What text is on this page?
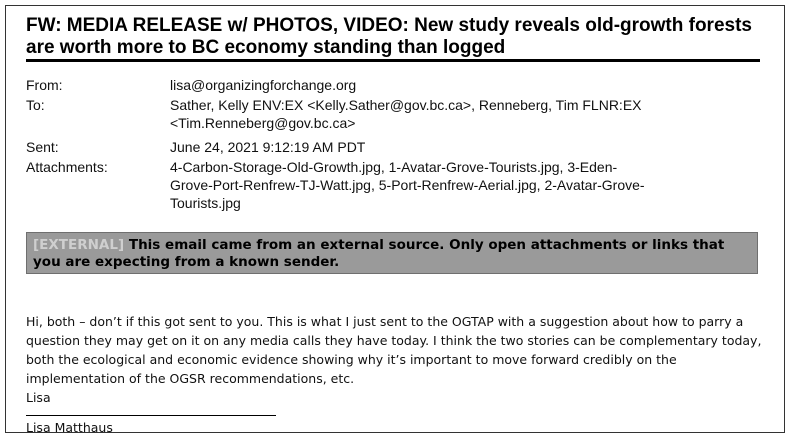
FW: MEDIA RELEASE w/ PHOTOS, VIDEO: New study reveals old-growth forests
are worth more to BC economy standing than logged
From:	lisa@organizingforchange.org
To:	Sather, Kelly ENV:EX <Kelly.Sather@gov.bc.ca>, Renneberg, Tim FLNR:EX
<Tim.Renneberg@gov.bc.ca>
Sent:	June 24, 2021 9:12:19 AM PDT
Attachments:	4-Carbon-Storage-Old-Growth.jpg, 1-Avatar-Grove-Tourists.jpg, 3-Eden-
Grove-Port-Renfrew-TJ-Watt.jpg, 5-Port-Renfrew-Aerial.jpg, 2-Avatar-Grove-
Tourists.jpg
[EXTERNAL] This email came from an external source. Only open attachments or links that
you are expecting from a known sender.
Hi, both – don’t if this got sent to you. This is what I just sent to the OGTAP with a suggestion about how to parry a
question they may get on it on any media calls they have today. I think the two stories can be complementary today,
both the ecological and economic evidence showing why it’s important to move forward credibly on the
implementation of the OGSR recommendations, etc.
Lisa
Lisa Matthaus
